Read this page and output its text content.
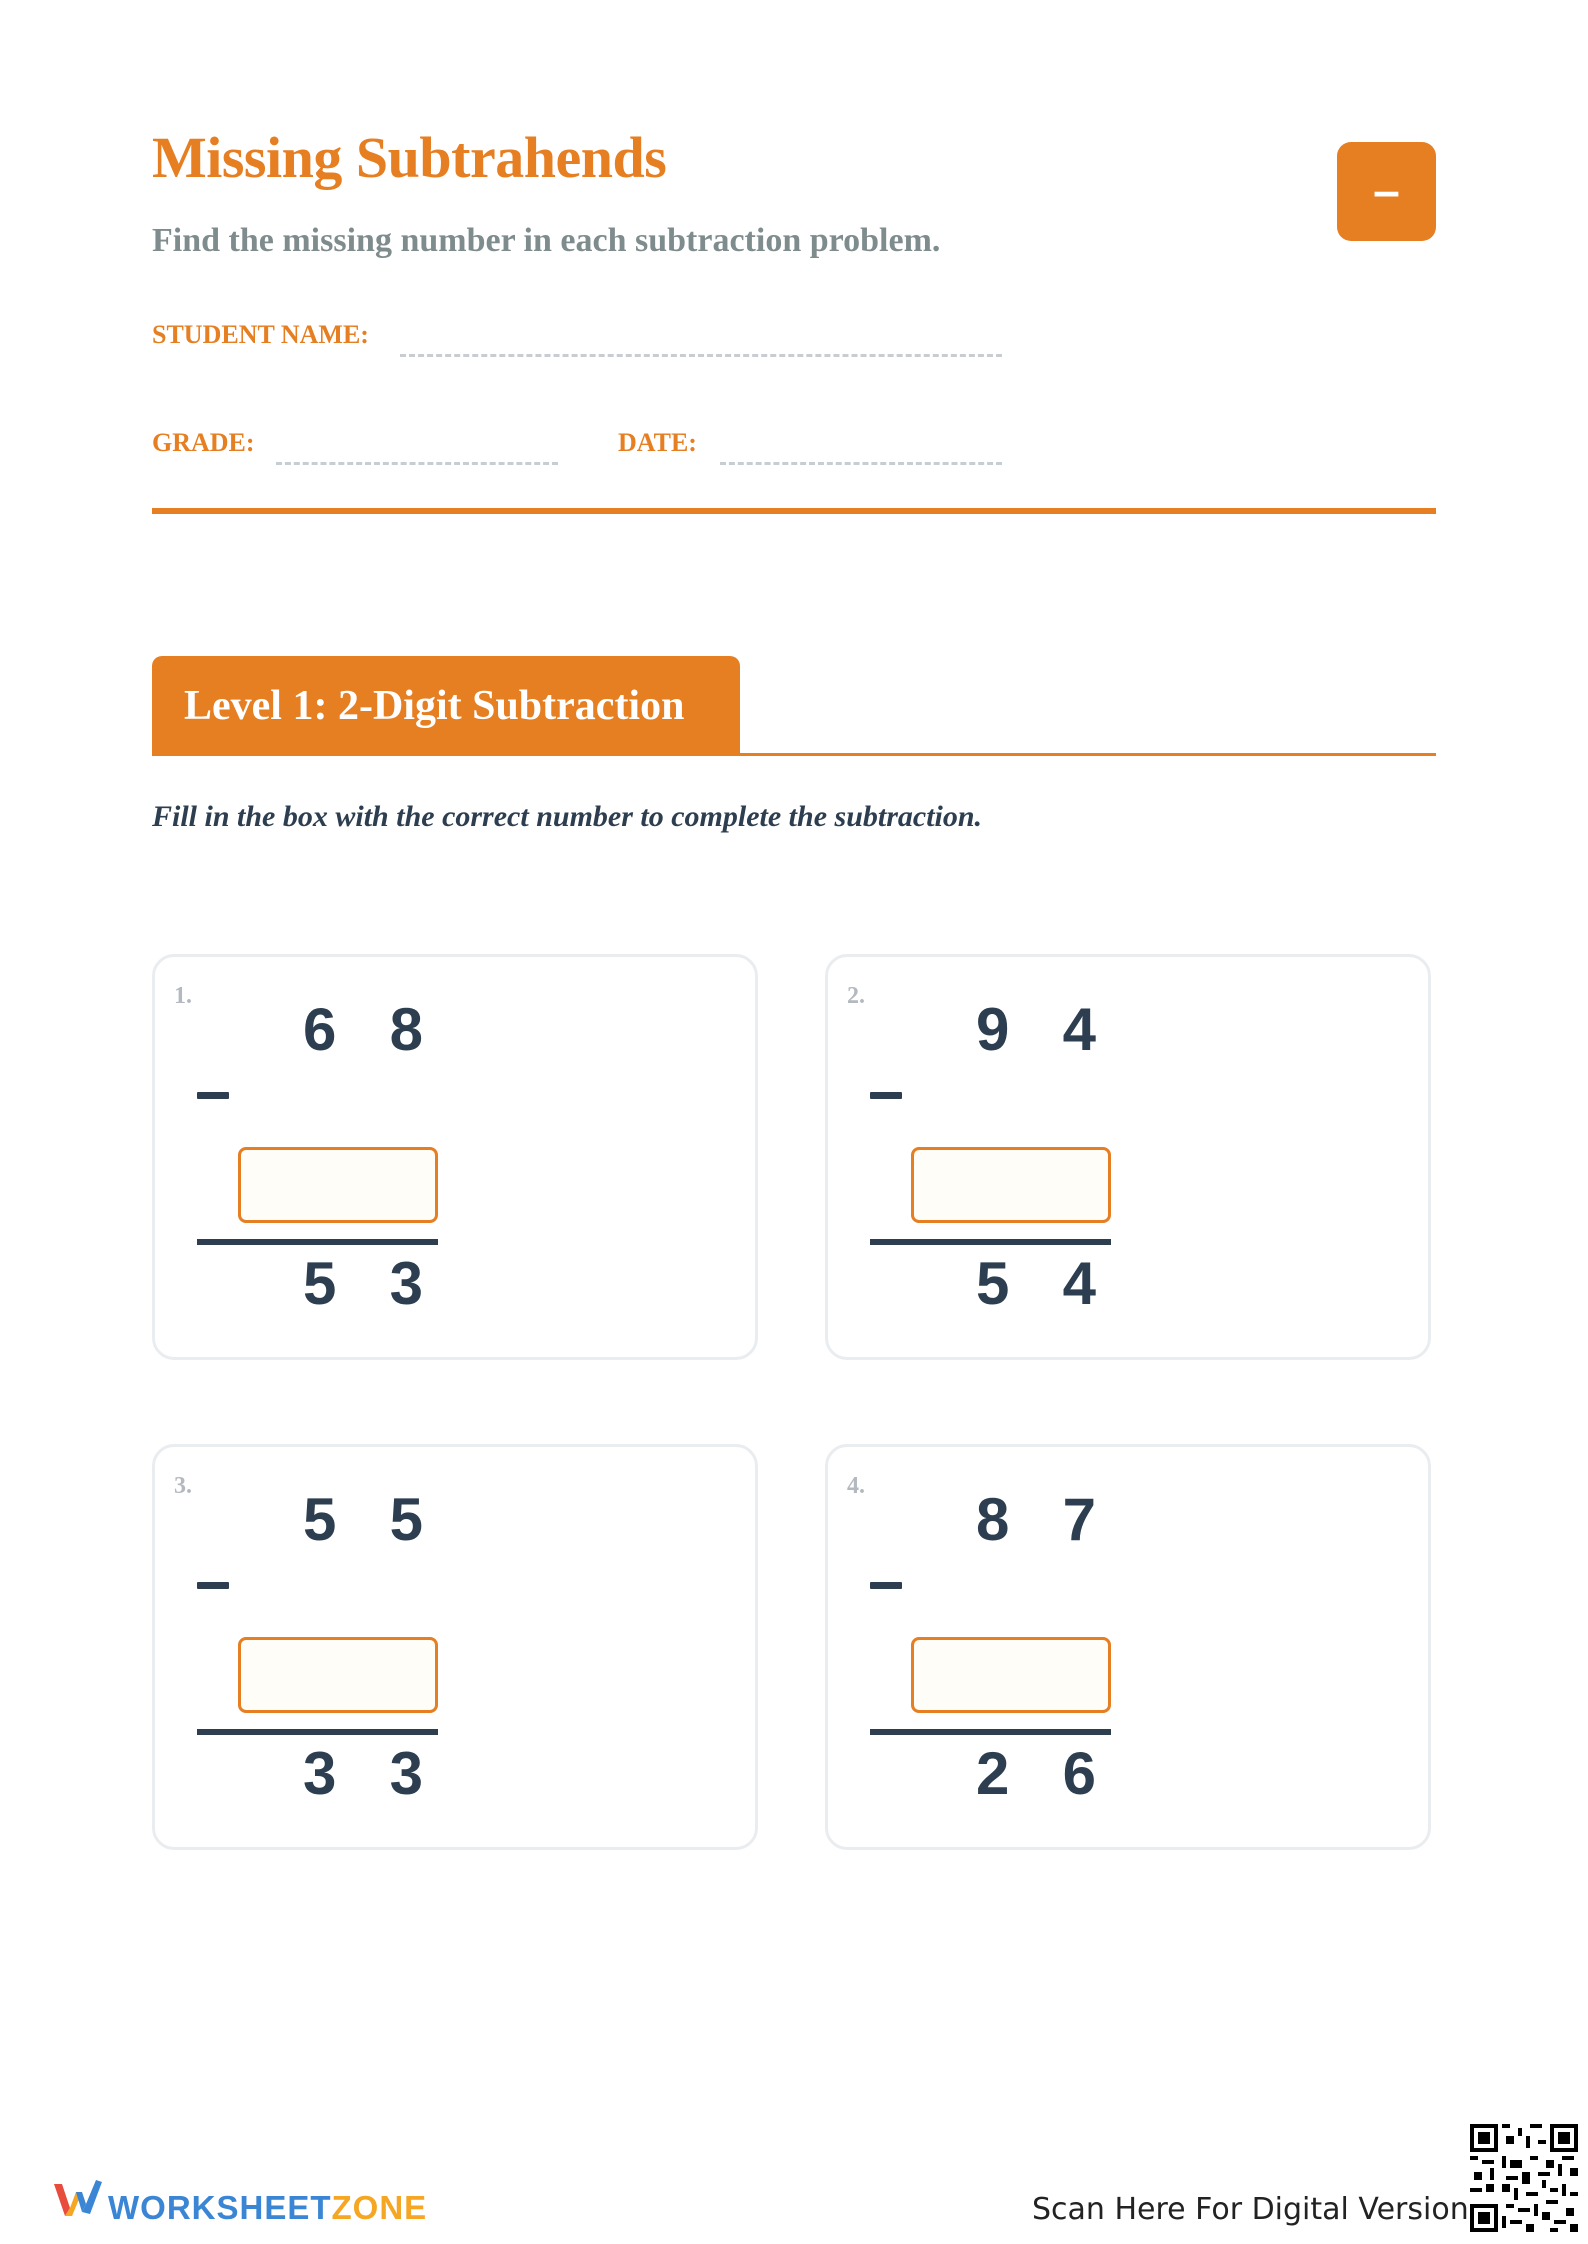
Missing Subtrahends
Find the missing number in each subtraction problem.
–
STUDENT NAME:
GRADE:	DATE:
Level 1: 2-Digit Subtraction
Fill in the box with the correct number to complete the subtraction.
1. 6 8
5 3
2. 9 4
5 4
3. 5 5
3 3
4. 8 7
2 6
WORKSHEETZONE	Scan Here For Digital Version
